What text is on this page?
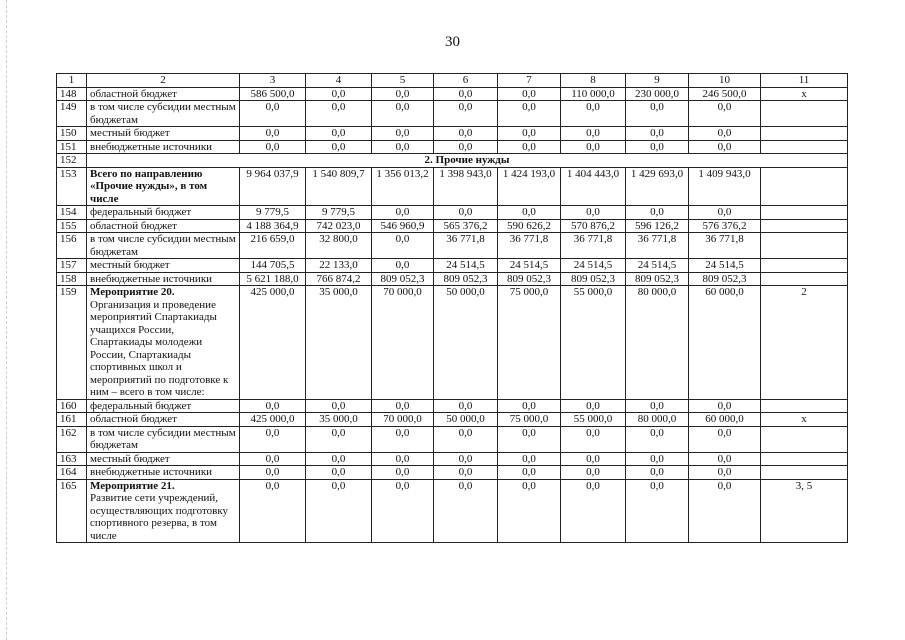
30
1	2	3	4	5	6	7	8	9	10	11
148	областной бюджет	586 500,0	0,0	0,0	0,0	0,0	110 000,0	230 000,0	246 500,0	х
149	в том числе субсидии местным бюджетам	0,0	0,0	0,0	0,0	0,0	0,0	0,0	0,0	
150	местный бюджет	0,0	0,0	0,0	0,0	0,0	0,0	0,0	0,0	
151	внебюджетные источники	0,0	0,0	0,0	0,0	0,0	0,0	0,0	0,0	
152	2. Прочие нужды									
153	Всего по направлению «Прочие нужды», в том числе	9 964 037,9	1 540 809,7	1 356 013,2	1 398 943,0	1 424 193,0	1 404 443,0	1 429 693,0	1 409 943,0	
154	федеральный бюджет	9 779,5	9 779,5	0,0	0,0	0,0	0,0	0,0	0,0	
155	областной бюджет	4 188 364,9	742 023,0	546 960,9	565 376,2	590 626,2	570 876,2	596 126,2	576 376,2	
156	в том числе субсидии местным бюджетам	216 659,0	32 800,0	0,0	36 771,8	36 771,8	36 771,8	36 771,8	36 771,8	
157	местный бюджет	144 705,5	22 133,0	0,0	24 514,5	24 514,5	24 514,5	24 514,5	24 514,5	
158	внебюджетные источники	5 621 188,0	766 874,2	809 052,3	809 052,3	809 052,3	809 052,3	809 052,3	809 052,3	
159	Мероприятие 20.
Организация и проведение мероприятий Спартакиады учащихся России, Спартакиады молодежи России, Спартакиады спортивных школ и мероприятий по подготовке к ним – всего в том числе:	425 000,0	35 000,0	70 000,0	50 000,0	75 000,0	55 000,0	80 000,0	60 000,0	2
160	федеральный бюджет	0,0	0,0	0,0	0,0	0,0	0,0	0,0	0,0	
161	областной бюджет	425 000,0	35 000,0	70 000,0	50 000,0	75 000,0	55 000,0	80 000,0	60 000,0	х
162	в том числе субсидии местным бюджетам	0,0	0,0	0,0	0,0	0,0	0,0	0,0	0,0	
163	местный бюджет	0,0	0,0	0,0	0,0	0,0	0,0	0,0	0,0	
164	внебюджетные источники	0,0	0,0	0,0	0,0	0,0	0,0	0,0	0,0	
165	Мероприятие 21.
Развитие сети учреждений, осуществляющих подготовку спортивного резерва, в том числе	0,0	0,0	0,0	0,0	0,0	0,0	0,0	0,0	3, 5
